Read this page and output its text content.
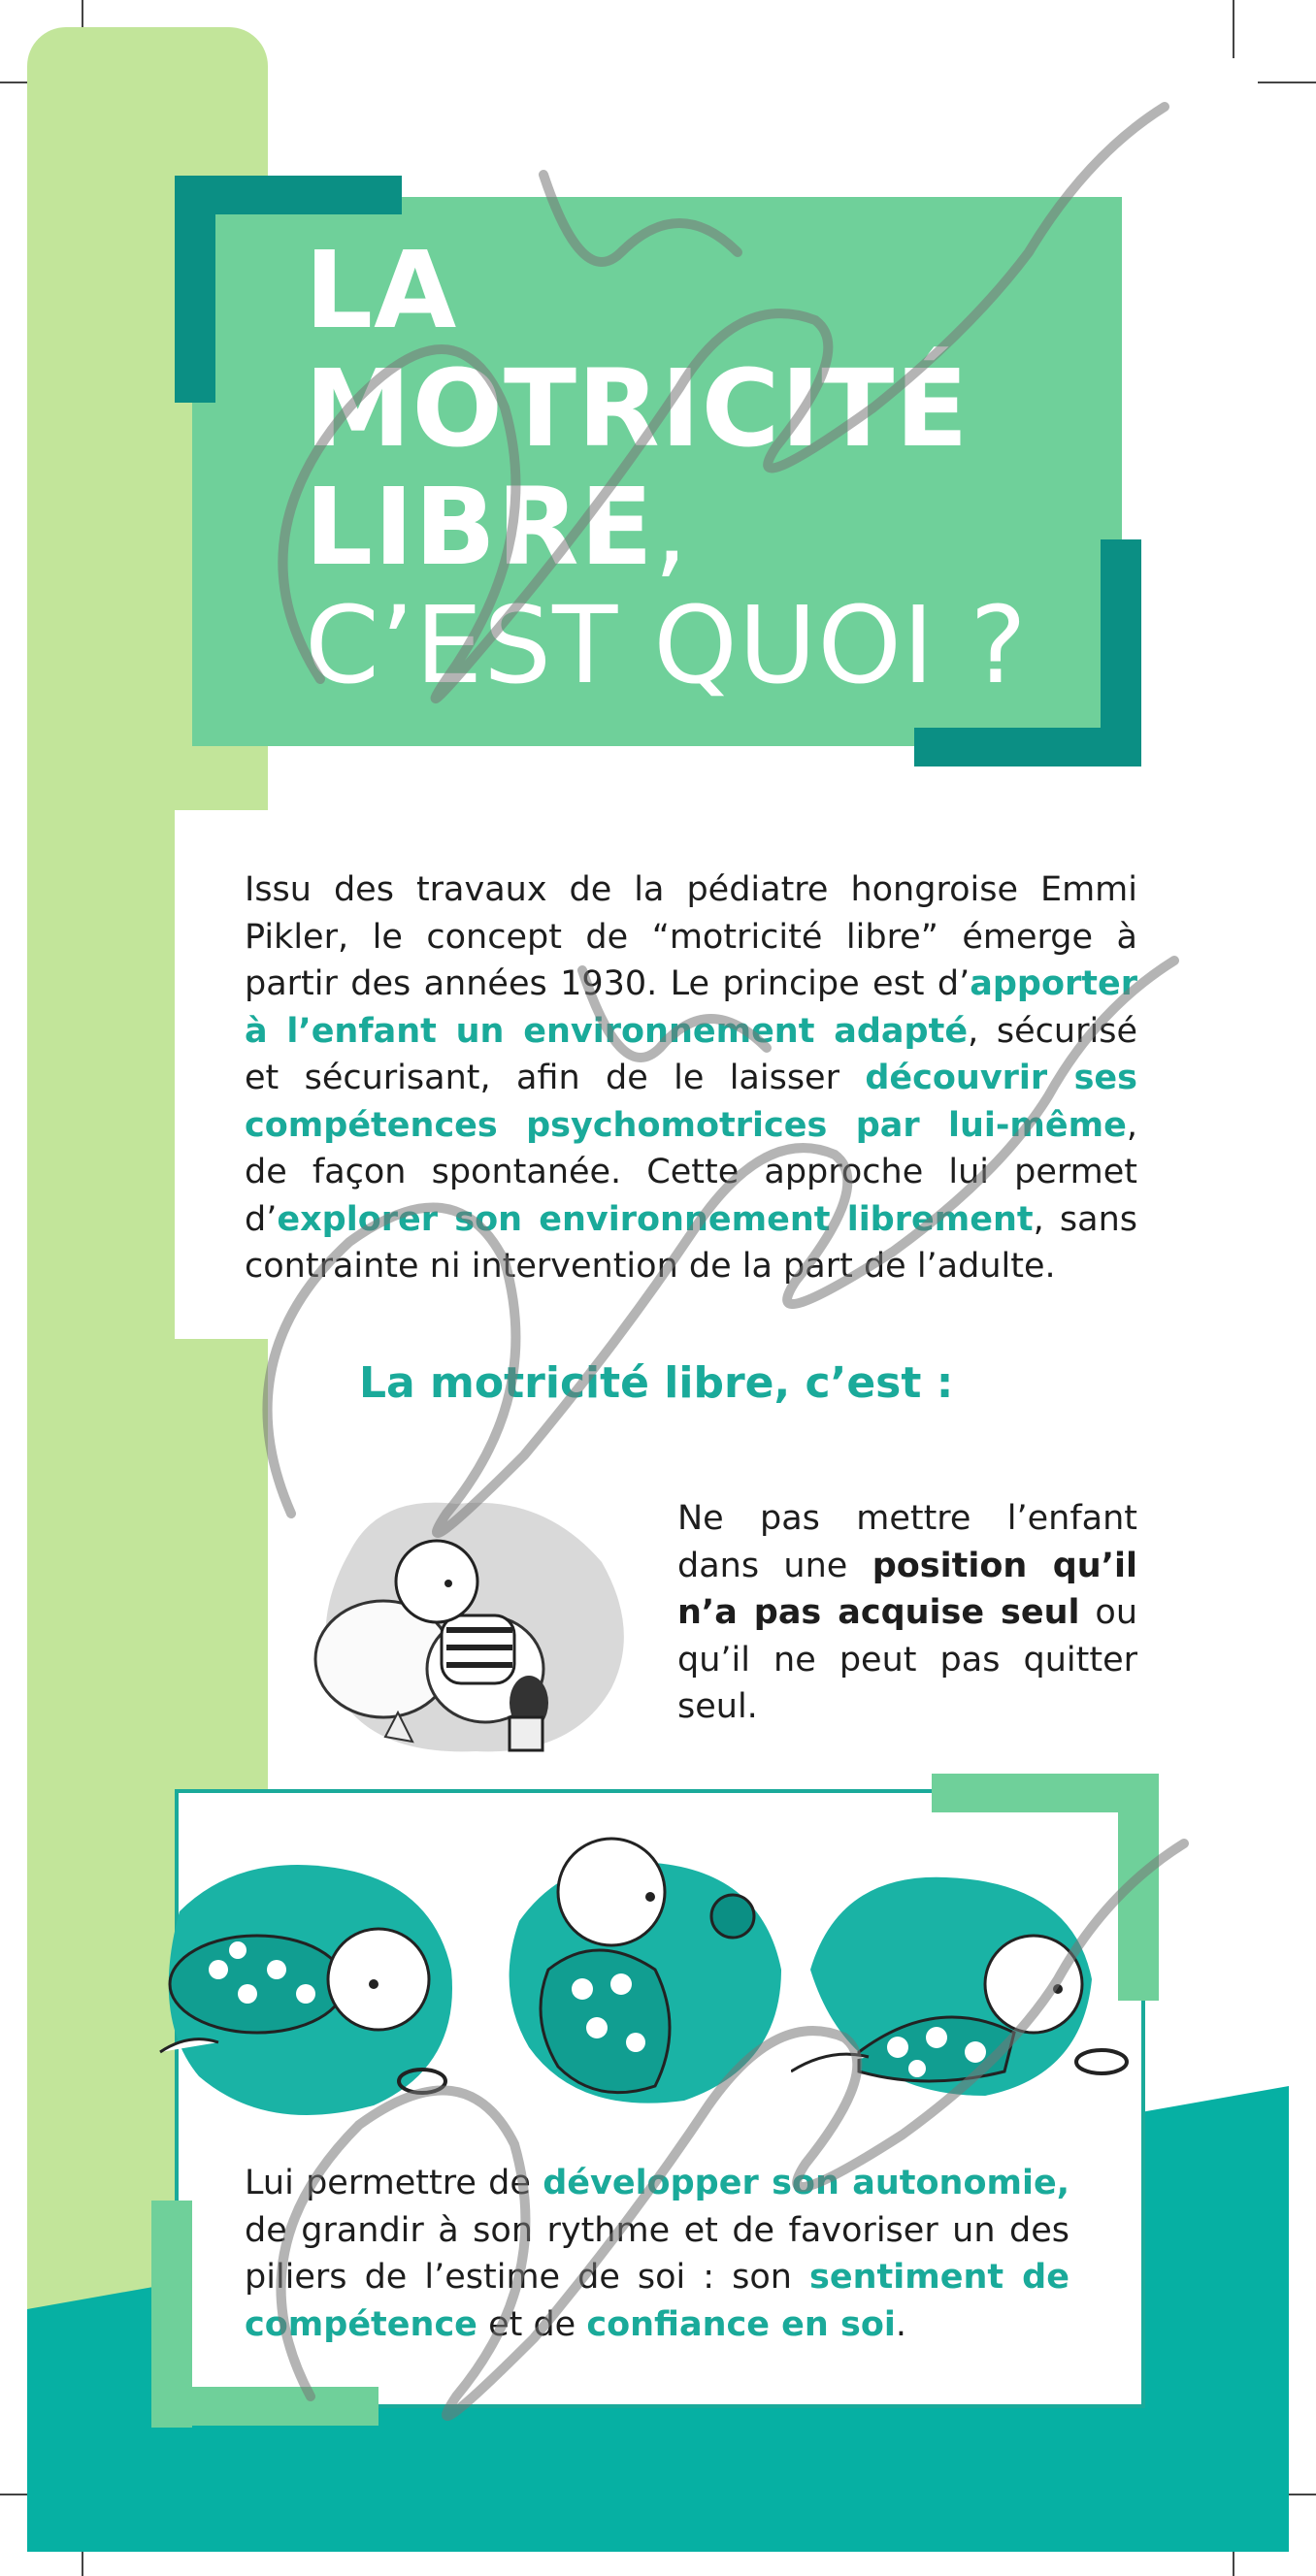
LA
MOTRICITÉ
LIBRE,
C’EST QUOI ?

Issu des travaux de la pédiatre hongroise Emmi Pikler, le concept de “motricité libre” émerge à partir des années 1930. Le principe est d’apporter à l’enfant un environnement adapté, sécurisé et sécurisant, afin de le laisser découvrir ses compétences psychomotrices par lui-même, de façon spontanée. Cette approche lui permet d’explorer son environnement librement, sans contrainte ni intervention de la part de l’adulte.

La motricité libre, c’est :

Ne pas mettre l’enfant dans une position qu’il n’a pas acquise seul ou qu’il ne peut pas quitter seul.

Lui permettre de développer son autonomie, de grandir à son rythme et de favoriser un des piliers de l’estime de soi : son sentiment de compétence et de confiance en soi.
